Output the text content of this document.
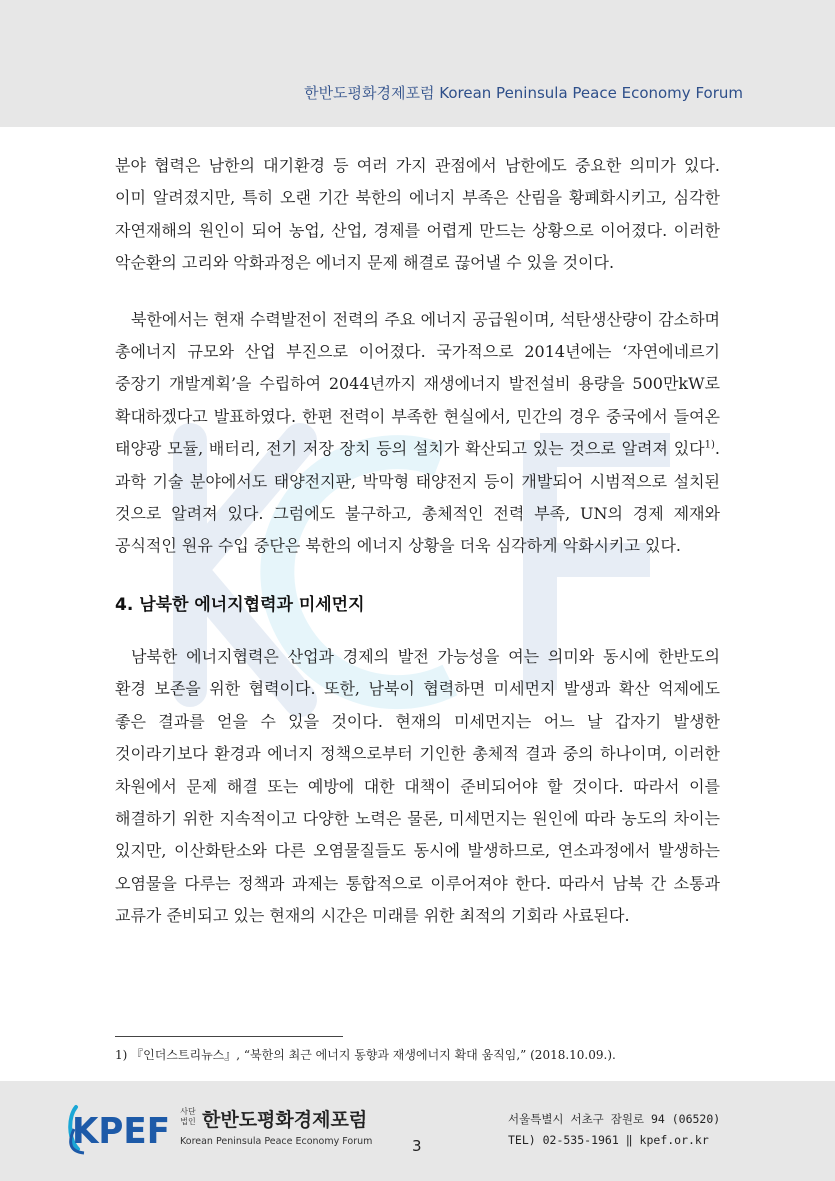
한반도평화경제포럼 Korean Peninsula Peace Economy Forum

분야 협력은 남한의 대기환경 등 여러 가지 관점에서 남한에도 중요한 의미가 있다. 이미 알려졌지만, 특히 오랜 기간 북한의 에너지 부족은 산림을 황폐화시키고, 심각한 자연재해의 원인이 되어 농업, 산업, 경제를 어렵게 만드는 상황으로 이어졌다. 이러한 악순환의 고리와 악화과정은 에너지 문제 해결로 끊어낼 수 있을 것이다.

북한에서는 현재 수력발전이 전력의 주요 에너지 공급원이며, 석탄생산량이 감소하며 총에너지 규모와 산업 부진으로 이어졌다. 국가적으로 2014년에는 ‘자연에네르기 중장기 개발계획’을 수립하여 2044년까지 재생에너지 발전설비 용량을 500만kW로 확대하겠다고 발표하였다. 한편 전력이 부족한 현실에서, 민간의 경우 중국에서 들여온 태양광 모듈, 배터리, 전기 저장 장치 등의 설치가 확산되고 있는 것으로 알려져 있다$^{1)}$. 과학 기술 분야에서도 태양전지판, 박막형 태양전지 등이 개발되어 시범적으로 설치된 것으로 알려져 있다. 그럼에도 불구하고, 총체적인 전력 부족, UN의 경제 제재와 공식적인 원유 수입 중단은 북한의 에너지 상황을 더욱 심각하게 악화시키고 있다.

4. 남북한 에너지협력과 미세먼지

남북한 에너지협력은 산업과 경제의 발전 가능성을 여는 의미와 동시에 한반도의 환경 보존을 위한 협력이다. 또한, 남북이 협력하면 미세먼지 발생과 확산 억제에도 좋은 결과를 얻을 수 있을 것이다. 현재의 미세먼지는 어느 날 갑자기 발생한 것이라기보다 환경과 에너지 정책으로부터 기인한 총체적 결과 중의 하나이며, 이러한 차원에서 문제 해결 또는 예방에 대한 대책이 준비되어야 할 것이다. 따라서 이를 해결하기 위한 지속적이고 다양한 노력은 물론, 미세먼지는 원인에 따라 농도의 차이는 있지만, 이산화탄소와 다른 오염물질들도 동시에 발생하므로, 연소과정에서 발생하는 오염물을 다루는 정책과 과제는 통합적으로 이루어져야 한다. 따라서 남북 간 소통과 교류가 준비되고 있는 현재의 시간은 미래를 위한 최적의 기회라 사료된다.

1) 『인더스트리뉴스』, “북한의 최근 에너지 동향과 재생에너지 확대 움직임,” (2018.10.09.).
KPEF 사단
법인 한반도평화경제포럼
Korean Peninsula Peace Economy Forum	3
서울특별시 서초구 잠원로 94 (06520)
TEL) 02-535-1961 ‖ kpef.or.kr
